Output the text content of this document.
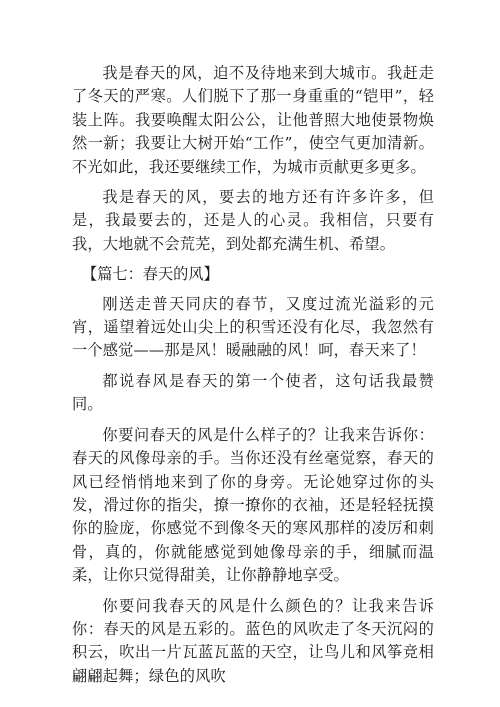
我是春天的风，迫不及待地来到大城市。我赶走了冬天的严寒。人们脱下了那一身重重的“铠甲”，轻装上阵。我要唤醒太阳公公，让他普照大地使景物焕然一新；我要让大树开始“工作”，使空气更加清新。不光如此，我还要继续工作，为城市贡献更多更多。

我是春天的风，要去的地方还有许多许多，但是，我最要去的，还是人的心灵。我相信，只要有我，大地就不会荒芜，到处都充满生机、希望。

【篇七：春天的风】

刚送走普天同庆的春节，又度过流光溢彩的元宵，遥望着远处山尖上的积雪还没有化尽，我忽然有一个感觉——那是风！暖融融的风！呵，春天来了！

都说春风是春天的第一个使者，这句话我最赞同。

你要问春天的风是什么样子的？让我来告诉你：春天的风像母亲的手。当你还没有丝毫觉察，春天的风已经悄悄地来到了你的身旁。无论她穿过你的头发，滑过你的指尖，撩一撩你的衣袖，还是轻轻抚摸你的脸庞，你感觉不到像冬天的寒风那样的凌厉和刺骨，真的，你就能感觉到她像母亲的手，细腻而温柔，让你只觉得甜美，让你静静地享受。

你要问我春天的风是什么颜色的？让我来告诉你：春天的风是五彩的。蓝色的风吹走了冬天沉闷的积云，吹出一片瓦蓝瓦蓝的天空，让鸟儿和风筝竞相翩翩起舞；绿色的风吹
